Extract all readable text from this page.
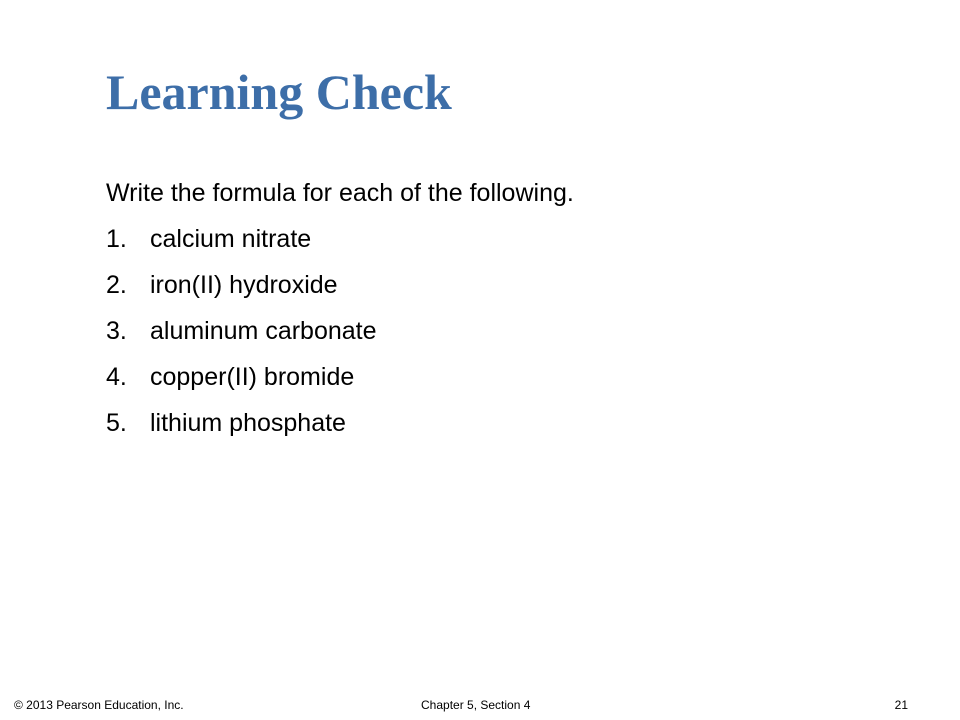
Learning Check
Write the formula for each of the following.
1. calcium nitrate
2. iron(II) hydroxide
3. aluminum carbonate
4. copper(II) bromide
5. lithium phosphate
© 2013 Pearson Education, Inc.	Chapter 5, Section 4	21
